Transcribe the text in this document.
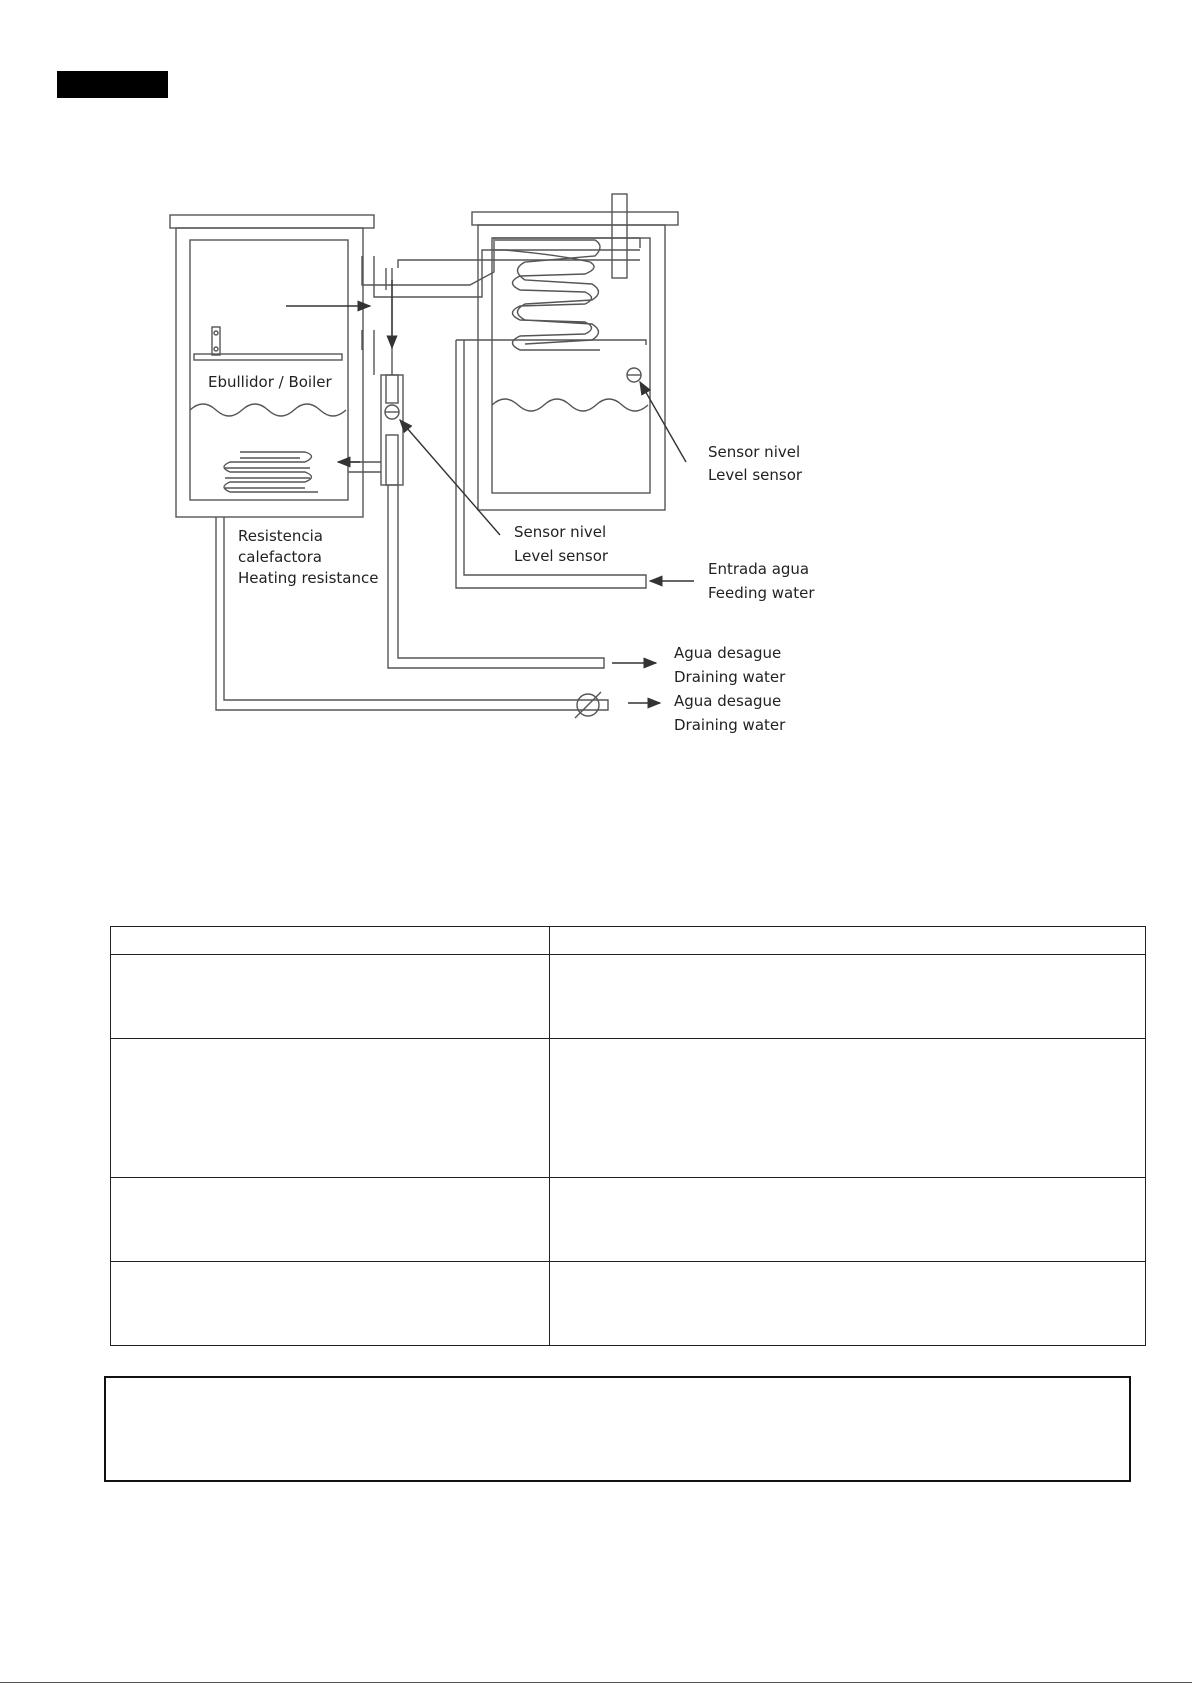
Ebullidor / Boiler
Sensor nivel
Level sensor
Sensor nivel
Level sensor
Resistencia
calefactora
Heating resistance	Entrada agua
Feeding water
Agua desague
Draining water
Agua desague
Draining water
